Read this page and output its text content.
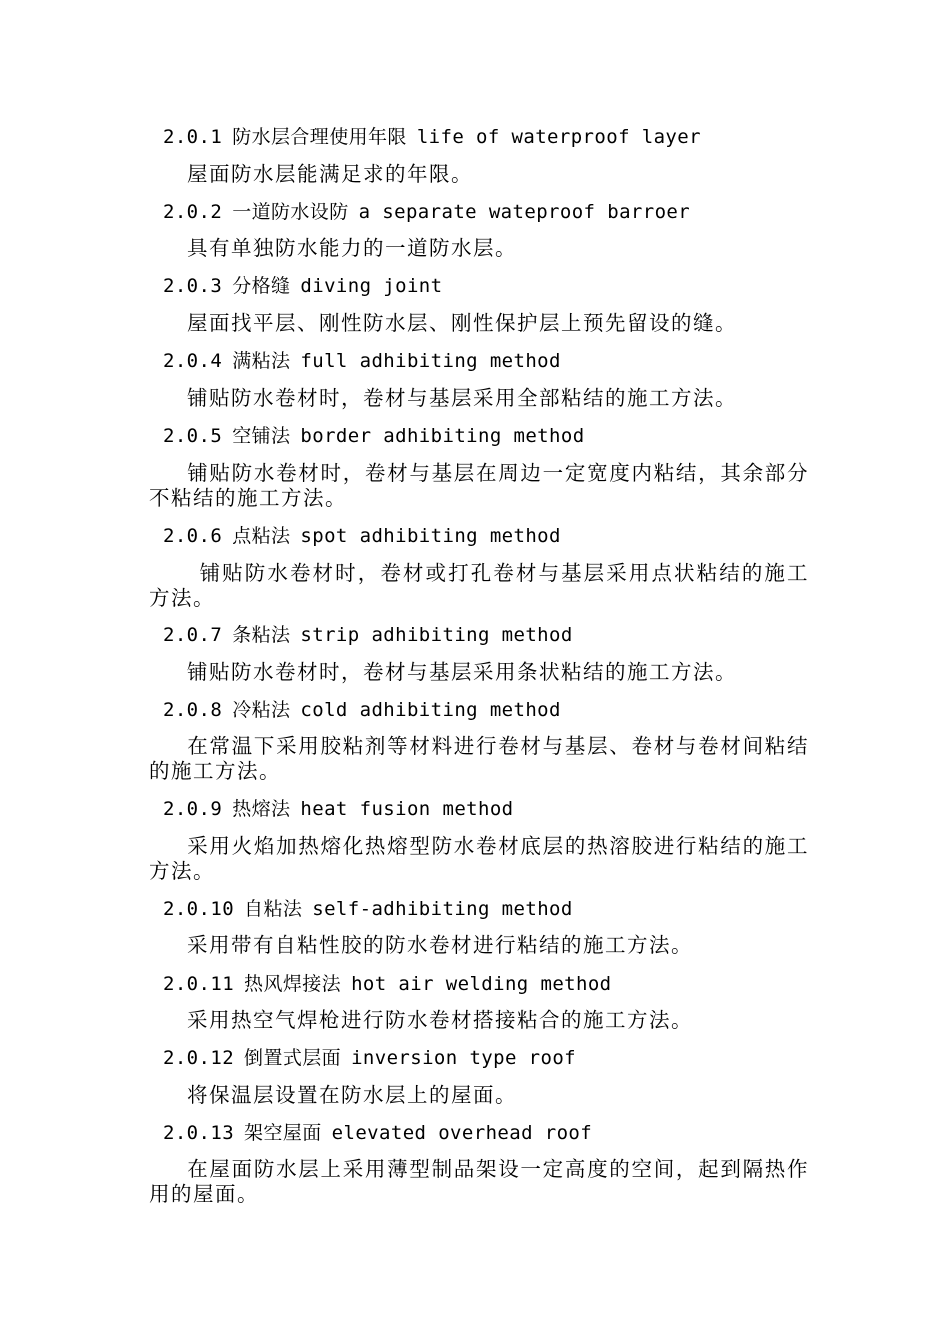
2.0.1 防水层合理使用年限 life of waterproof layer
屋面防水层能满足求的年限。
2.0.2 一道防水设防 a separate wateproof barroer
具有单独防水能力的一道防水层。
2.0.3 分格缝 diving joint
屋面找平层、刚性防水层、刚性保护层上预先留设的缝。
2.0.4 满粘法 full adhibiting method
铺贴防水卷材时，卷材与基层采用全部粘结的施工方法。
2.0.5 空铺法 border adhibiting method
铺贴防水卷材时，卷材与基层在周边一定宽度内粘结，其余部分不粘结的施工方法。
2.0.6 点粘法 spot adhibiting method
铺贴防水卷材时，卷材或打孔卷材与基层采用点状粘结的施工方法。
2.0.7 条粘法 strip adhibiting method
铺贴防水卷材时，卷材与基层采用条状粘结的施工方法。
2.0.8 冷粘法 cold adhibiting method
在常温下采用胶粘剂等材料进行卷材与基层、卷材与卷材间粘结的施工方法。
2.0.9 热熔法 heat fusion method
采用火焰加热熔化热熔型防水卷材底层的热溶胶进行粘结的施工方法。
2.0.10 自粘法 self-adhibiting method
采用带有自粘性胶的防水卷材进行粘结的施工方法。
2.0.11 热风焊接法 hot air welding method
采用热空气焊枪进行防水卷材搭接粘合的施工方法。
2.0.12 倒置式层面 inversion type roof
将保温层设置在防水层上的屋面。
2.0.13 架空屋面 elevated overhead roof
在屋面防水层上采用薄型制品架设一定高度的空间，起到隔热作用的屋面。
